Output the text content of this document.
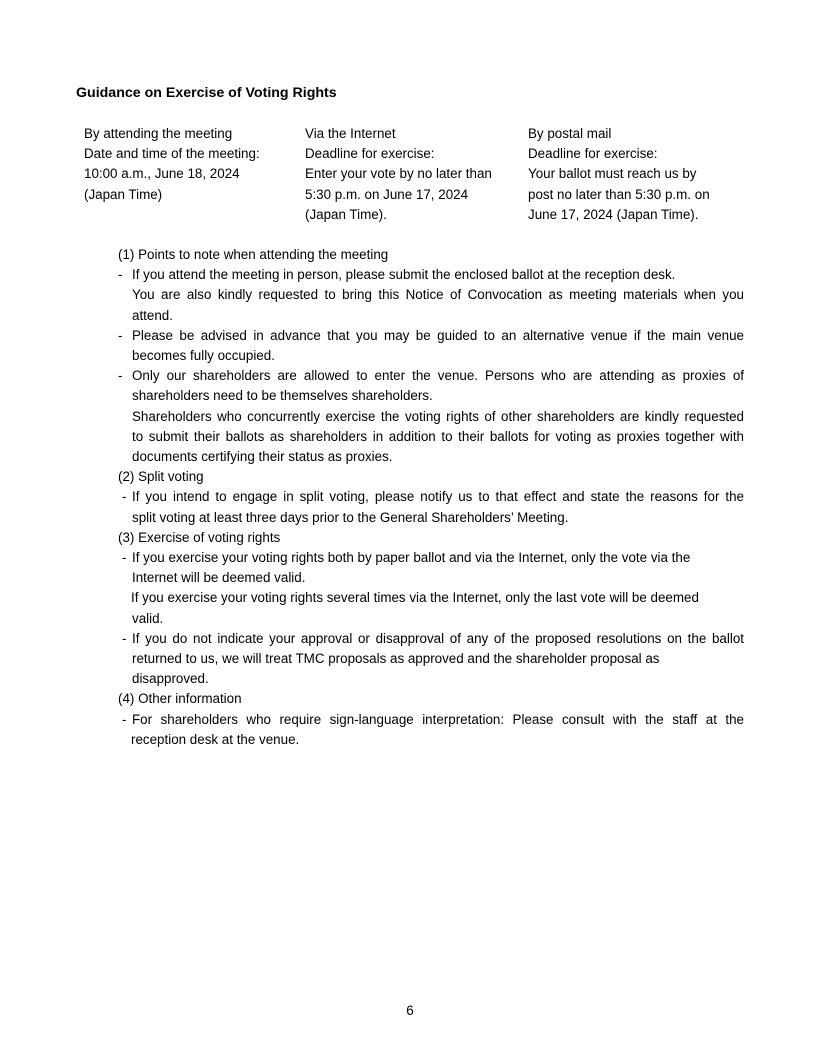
Guidance on Exercise of Voting Rights
By attending the meeting
Date and time of the meeting:
10:00 a.m., June 18, 2024
(Japan Time)
Via the Internet
Deadline for exercise:
Enter your vote by no later than
5:30 p.m. on June 17, 2024
(Japan Time).
By postal mail
Deadline for exercise:
Your ballot must reach us by
post no later than 5:30 p.m. on
June 17, 2024 (Japan Time).
(1) Points to note when attending the meeting
- If you attend the meeting in person, please submit the enclosed ballot at the reception desk.
You are also kindly requested to bring this Notice of Convocation as meeting materials when you
attend.
- Please be advised in advance that you may be guided to an alternative venue if the main venue
becomes fully occupied.
- Only our shareholders are allowed to enter the venue. Persons who are attending as proxies of
shareholders need to be themselves shareholders.
Shareholders who concurrently exercise the voting rights of other shareholders are kindly requested
to submit their ballots as shareholders in addition to their ballots for voting as proxies together with
documents certifying their status as proxies.
(2) Split voting
- If you intend to engage in split voting, please notify us to that effect and state the reasons for the
split voting at least three days prior to the General Shareholders’ Meeting.
(3) Exercise of voting rights
- If you exercise your voting rights both by paper ballot and via the Internet, only the vote via the
Internet will be deemed valid.
If you exercise your voting rights several times via the Internet, only the last vote will be deemed
valid.
- If you do not indicate your approval or disapproval of any of the proposed resolutions on the ballot
returned to us, we will treat TMC proposals as approved and the shareholder proposal as
disapproved.
(4) Other information
- For shareholders who require sign-language interpretation: Please consult with the staff at the
reception desk at the venue.
6
